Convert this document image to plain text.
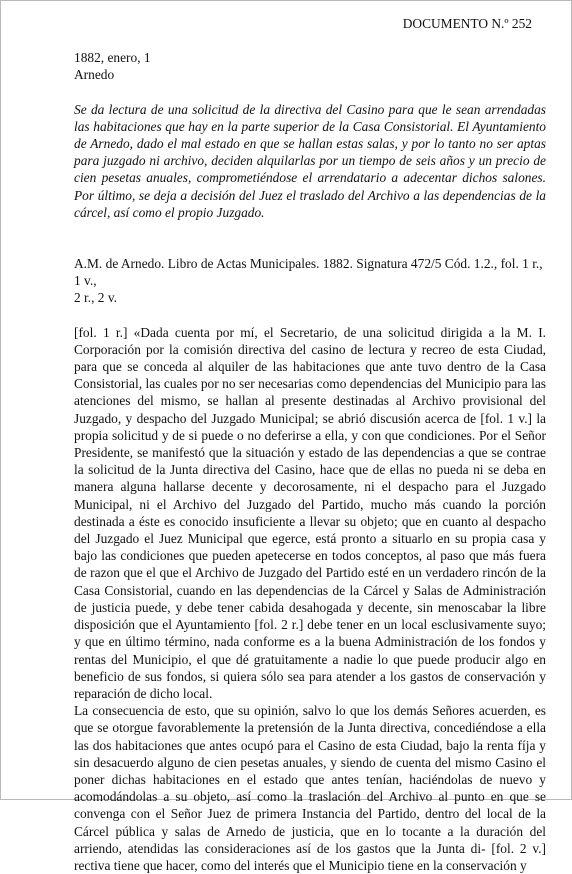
DOCUMENTO N.º 252

1882, enero, 1

Arnedo

Se da lectura de una solicitud de la directiva del Casino para que le sean arrendadas las habitaciones que hay en la parte superior de la Casa Consistorial. El Ayuntamiento de Arnedo, dado el mal estado en que se hallan estas salas, y por lo tanto no ser aptas para juzgado ni archivo, deciden alquilarlas por un tiempo de seis años y un precio de cien pesetas anuales, comprometiéndose el arrendatario a adecentar dichos salones. Por último, se deja a decisión del Juez el traslado del Archivo a las dependencias de la cárcel, así como el propio Juzgado.

A.M. de Arnedo. Libro de Actas Municipales. 1882. Signatura 472/5 Cód. 1.2., fol. 1 r., 1 v.,
2 r., 2 v.

[fol. 1 r.] «Dada cuenta por mí, el Secretario, de una solicitud dirigida a la M. I. Corporación por la comisión directiva del casino de lectura y recreo de esta Ciudad, para que se conceda al alquiler de las habitaciones que ante tuvo dentro de la Casa Consistorial, las cuales por no ser necesarias como dependencias del Municipio para las atenciones del mismo, se hallan al presente destinadas al Archivo provisional del Juzgado, y despacho del Juzgado Municipal; se abrió discusión acerca de [fol. 1 v.] la propia solicitud y de si puede o no deferirse a ella, y con que condiciones. Por el Señor Presidente, se manifestó que la situación y estado de las dependencias a que se contrae la solicitud de la Junta directiva del Casino, hace que de ellas no pueda ni se deba en manera alguna hallarse decente y decorosamente, ni el despacho para el Juzgado Municipal, ni el Archivo del Juzgado del Partido, mucho más cuando la porción destinada a éste es conocido insuficiente a llevar su objeto; que en cuanto al despacho del Juzgado el Juez Municipal que egerce, está pronto a situarlo en su propia casa y bajo las condiciones que pueden apetecerse en todos conceptos, al paso que más fuera de razon que el que el Archivo de Juzgado del Partido esté en un verdadero rincón de la Casa Consistorial, cuando en las dependencias de la Cárcel y Salas de Administración de justicia puede, y debe tener cabida desahogada y decente, sin menoscabar la libre disposición que el Ayuntamiento [fol. 2 r.] debe tener en un local esclusivamente suyo; y que en último término, nada conforme es a la buena Administración de los fondos y rentas del Municipio, el que dé gratuitamente a nadie lo que puede producir algo en beneficio de sus fondos, si quiera sólo sea para atender a los gastos de conservación y reparación de dicho local.

La consecuencia de esto, que su opinión, salvo lo que los demás Señores acuerden, es que se otorgue favorablemente la pretensión de la Junta directiva, concediéndose a ella las dos habitaciones que antes ocupó para el Casino de esta Ciudad, bajo la renta fíja y sin desacuerdo alguno de cien pesetas anuales, y siendo de cuenta del mismo Casino el poner dichas habitaciones en el estado que antes tenían, haciéndolas de nuevo y acomodándolas a su objeto, así como la traslación del Archivo al punto en que se convenga con el Señor Juez de primera Instancia del Partido, dentro del local de la Cárcel pública y salas de Arnedo de justicia, que en lo tocante a la duración del arriendo, atendidas las consideraciones así de los gastos que la Junta di- [fol. 2 v.] rectiva tiene que hacer, como del interés que el Municipio tiene en la conservación y
